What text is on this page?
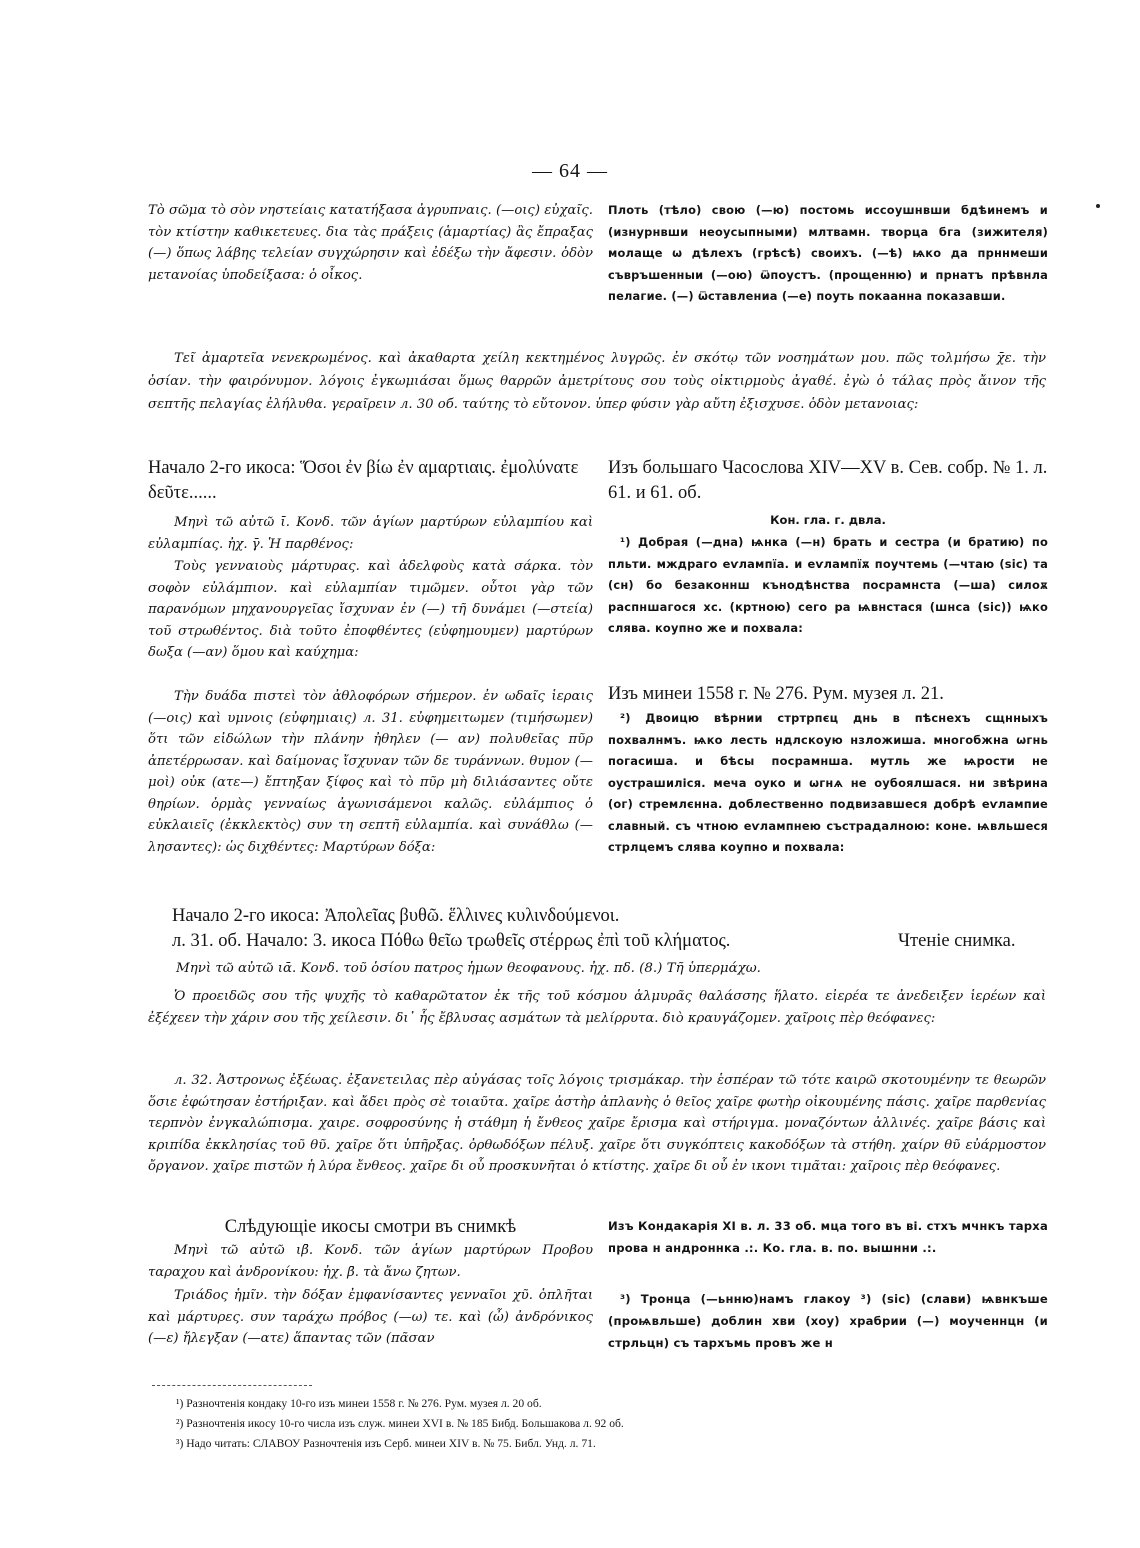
— 64 —

Τὸ σῶμα τὸ σὸν νηστείαις κατατήξασα ἀγρυπναις. (—οις) εὐχαῖς. τὸν κτίστην καθικετευες. δια τὰς πράξεις (ἁμαρτίας) ἃς ἔπραξας (—) ὅπως λάβης τελείαν συγχώρησιν καὶ ἐδέξω τὴν ἄφεσιν. ὁδὸν μετανοίας ὑποδείξασα: ὁ οἶκος.

Плоть (тѣло) свою (—ю) постомь иссоушнвши бдѣинемъ и (изнурнвши неоусыпными) млтвамн. творца бга (зижителя) молаще ѡ дѣлехъ (грѣсѣ) своихъ. (—ѣ) ѩко да прннмеши съвръшенныи (—ою) ѿпоустъ. (прощенню) и прнатъ прѣвнла пелагие. (—) ѿставлениа (—е) поуть покаанна показавши.

Τεῖ ἀμαρτεῖα νενεκρωμένος. καὶ ἀκαθαρτα χείλη κεκτημένος λυγρῶς. ἐν σκότῳ τῶν νοσημάτων μου. πῶς τολμήσω χ̄ε. τὴν ὁσίαν. τὴν φαιρόνυμον. λόγοις ἐγκωμιάσαι ὅμως θαρρῶν ἀμετρίτους σου τοὺς οἰκτιρμοὺς ἀγαθέ. ἐγὼ ὁ τάλας πρὸς ἄινον τῆς σεπτῆς πελαγίας ἐλήλυθα. γεραῖρειν л. 30 об. ταύτης τὸ εὔτονον. ὑπερ φύσιν γὰρ αὔτη ἐξισχυσε. ὁδὸν μετανοιας:

Начало 2-го икоса: Ὅσοι ἐν βίω ἐν αμαρτιαις. ἐμολύνατε δεῦτε......

Μηνὶ τῶ αὐτῶ ῑ. Κονδ. τῶν ἁγίων μαρτύρων εὐλαμπίου καὶ εὐλαμπίας. ἠχ. γ̄. Ἡ παρθένος:

Τοὺς γενναιοὺς μάρτυρας. καὶ ἀδελφοὺς κατὰ σάρκα. τὸν σοφὸν εὐλάμπιον. καὶ εὐλαμπίαν τιμῶμεν. οὗτοι γὰρ τῶν παρανόμων μηχανουργεῖας ἴσχυναν ἐν (—) τῆ δυνάμει (—στεία) τοῦ στρωθέντος. διὰ τοῦτο ἐποφθέντες (εὐφημουμεν) μαρτύρων δωξα (—αν) ὅμου καὶ καύχημα:

Τὴν δυάδα πιστεὶ τὸν ἀθλοφόρων σήμερον. ἐν ωδαῖς ἱεραις (—οις) καὶ υμνοις (εὐφημιαις) л. 31. εὐφημειτωμεν (τιμήσωμεν) ὅτι τῶν εἰδώλων τὴν πλάνην ἠθηλεν (— αν) πολυθεῖας πῦρ ἀπετέρρωσαν. καὶ δαίμονας ἴσχυναν τῶν δε τυράννων. θυμον (—μοὶ) οὐκ (ατε—) ἔπτηξαν ξίφος καὶ τὸ πῦρ μὴ διλιάσαντες οὔτε θηρίων. ὁρμὰς γενναίως ἀγωνισάμενοι καλῶς. εὐλάμπιος ὁ εὐκλαιεῖς (ἐκκλεκτὸς) συν τη σεπτῆ εὐλαμπία. καὶ συνάθλω (—λησαντες): ὡς διχθέντες: Μαρτύρων δόξα:

Изъ большаго Часослова XIV—XV в. Сев. собр. № 1. л. 61. и 61. об.

Кон. гла. г. двла.

¹) Добрая (—дна) ѩнка (—н) брать и сестра (и братию) по пльти. мждраго еѵлампїа. и еѵлампїѫ поучтемь (—чтаю (sic) та (сн) бо безаконнш кънодѣнства посрамнста (—ша) силоѫ распншагося хс. (кртною) сего ра ѩвнстася (шнса (sic)) ѩко слява. коупно же и похвала:

Изъ минеи 1558 г. № 276. Рум. музея л. 21.

²) Двоицю вѣрнии стртрпєц днь в пѣснехъ сщнныхъ похвалнмъ. ѩко лесть ндлскоую нзложиша. многобжна ѡгнь погасиша. и бѣсы посрамнша. мутль же ѩрости не оустрашиліся. меча оуко и ѡгнѧ не оубоялшася. ни звѣрина (ог) стремлєнна. доблественно подвизавшеся добрѣ еѵлампие славный. съ чтною еѵлампнею състрадалною: коне. ѩвльшеся стрлцемъ слява коупно и похвала:

Начало 2-го икоса: Ἀπολεῖας βυθῶ. ἕλλινες κυλινδούμενοι.

л. 31. об. Начало: 3. икоса Πόθω θεῖω τρωθεῖς στέρρως ἐπὶ τοῦ κλήματος.	Чтеніе снимка.

Μηνὶ τῶ αὐτῶ ιᾱ. Κονδ. τοῦ ὁσίου πατρος ἡμων θεοφανους. ἠχ. πδ. (8.) Τῆ ὑπερμάχω.

Ὁ προειδῶς σου τῆς ψυχῆς τὸ καθαρῶτατον ἐκ τῆς τοῦ κόσμου ἁλμυρᾶς θαλάσσης ἥλατο. εἰερέα τε ἀνεδειξεν ἱερέων καὶ ἐξέχεεν τὴν χάριν σου τῆς χείλεσιν. δι᾽ ἧς ἔβλυσας ασμάτων τὰ μελίρρυτα. διὸ κραυγάζομεν. χαῖροις πὲρ θεόφανες:

л. 32. Ἀστρονως ἐξέωας. ἐξανετειλας πὲρ αὐγάσας τοῖς λόγοις τρισμάκαρ. τὴν ἑσπέραν τῶ τότε καιρῶ σκοτουμένην τε θεωρῶν ὅσιε ἐφώτησαν ἐστήριξαν. καὶ ἄδει πρὸς σὲ τοιαῦτα. χαῖρε ἀστὴρ ἀπλανὴς ὁ θεῖος χαῖρε φωτὴρ οἰκουμένης πάσις. χαῖρε παρθενίας τερπνὸν ἐνγκαλώπισμα. χαιρε. σοφροσύνης ἡ στάθμη ἡ ἔνθεος χαῖρε ἔρισμα καὶ στήριγμα. μοναζόντων ἀλλινές. χαῖρε βάσις καὶ κριπίδα ἐκκλησίας τοῦ θῦ. χαῖρε ὅτι ὑπῆρξας. ὀρθωδόξων πέλυξ. χαῖρε ὅτι συγκόπτεις κακοδόξων τὰ στήθη. χαίρν θῦ εὐάρμοστον ὄργανον. χαῖρε πιστῶν ἡ λύρα ἔνθεος. χαῖρε δι οὗ προσκυνῆται ὁ κτίστης. χαῖρε δι οὗ ἐν ικονι τιμᾶται: χαῖροις πὲρ θεόφανες.

Слѣдующіе икосы смотри въ снимкѣ

Μηνὶ τῶ αὐτῶ ιβ̄. Κονδ. τῶν ἁγίων μαρτύρων Προβου ταραχου καὶ ἀνδρονίκου: ἠχ. β̄. τὰ ἄνω ζητων.

Τριάδος ἡμῖν. τὴν δόξαν ἐμφανίσαντες γενναῖοι χῦ. ὁπλῆται καὶ μάρτυρες. συν ταράχω πρόβος (—ω) τε. καὶ (ὦ) ἀνδρόνικος (—ε) ἤλεγξαν (—ατε) ἅπαντας τῶν (πᾶσαν

Изъ Кондакарія XI в. л. 33 об. мца того въ ві. стхъ мчнкъ тархa провa н андроннка .:. Ко. гла. в. по. вышнни .:.

³) Тронца (—ьнню)намъ глакоу ³) (sic) (слави) ѩвнкъше (проѩвльше) доблин хви (хоу) храбрии (—) моученнцн (и стрльцн) съ тархъмь провъ же н

¹) Разночтенія кондаку 10-го изъ минеи 1558 г. № 276. Рум. музея л. 20 об.
²) Разночтенія икосу 10-го числа изъ служ. минеи XVI в. № 185 Бибд. Большакова л. 92 об.
³) Надо читать: СЛАВОУ Разночтенія изъ Серб. минеи XIV в. № 75. Библ. Унд. л. 71.
